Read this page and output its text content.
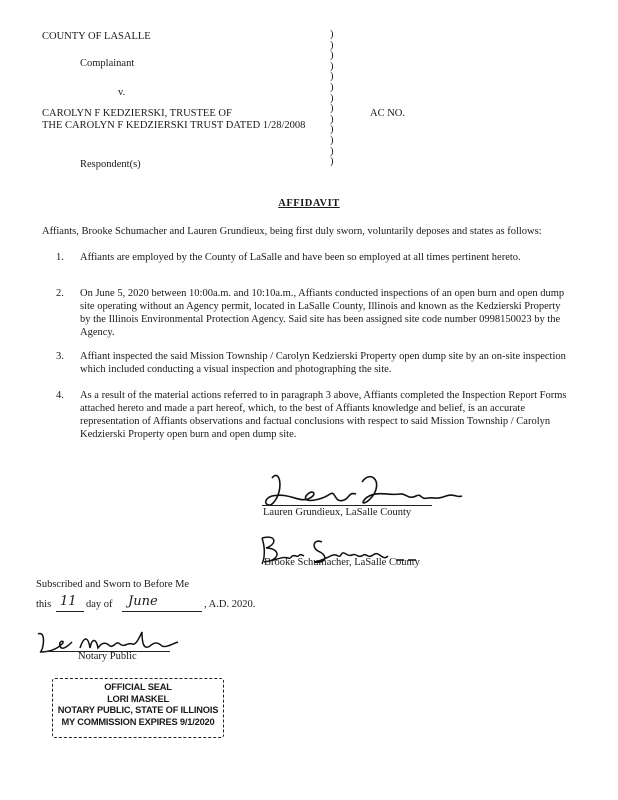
COUNTY OF LASALLE
Complainant
v.
CAROLYN F KEDZIERSKI, TRUSTEE OF
THE CAROLYN F KEDZIERSKI TRUST DATED 1/28/2008
AC NO.
Respondent(s)
)
)
)
)
)
)
)
)
)
)
)
)
)
AFFIDAVIT
Affiants, Brooke Schumacher and Lauren Grundieux, being first duly sworn, voluntarily deposes and states as follows:
1. Affiants are employed by the County of LaSalle and have been so employed at all times pertinent hereto.
2. On June 5, 2020 between 10:00a.m. and 10:10a.m., Affiants conducted inspections of an open burn and open dump site operating without an Agency permit, located in LaSalle County, Illinois and known as the Kedzierski Property by the Illinois Environmental Protection Agency. Said site has been assigned site code number 0998150023 by the Agency.
3. Affiant inspected the said Mission Township / Carolyn Kedzierski Property open dump site by an on-site inspection which included conducting a visual inspection and photographing the site.
4. As a result of the material actions referred to in paragraph 3 above, Affiants completed the Inspection Report Forms attached hereto and made a part hereof, which, to the best of Affiants knowledge and belief, is an accurate representation of Affiants observations and factual conclusions with respect to said Mission Township / Carolyn Kedzierski Property open burn and open dump site.
Lauren Grundieux, LaSalle County
Brooke Schumacher, LaSalle County
Subscribed and Sworn to Before Me
this 11 day of June	, A.D. 2020.
Notary Public
OFFICIAL SEAL
LORI MASKEL
NOTARY PUBLIC, STATE OF ILLINOIS
MY COMMISSION EXPIRES 9/1/2020
